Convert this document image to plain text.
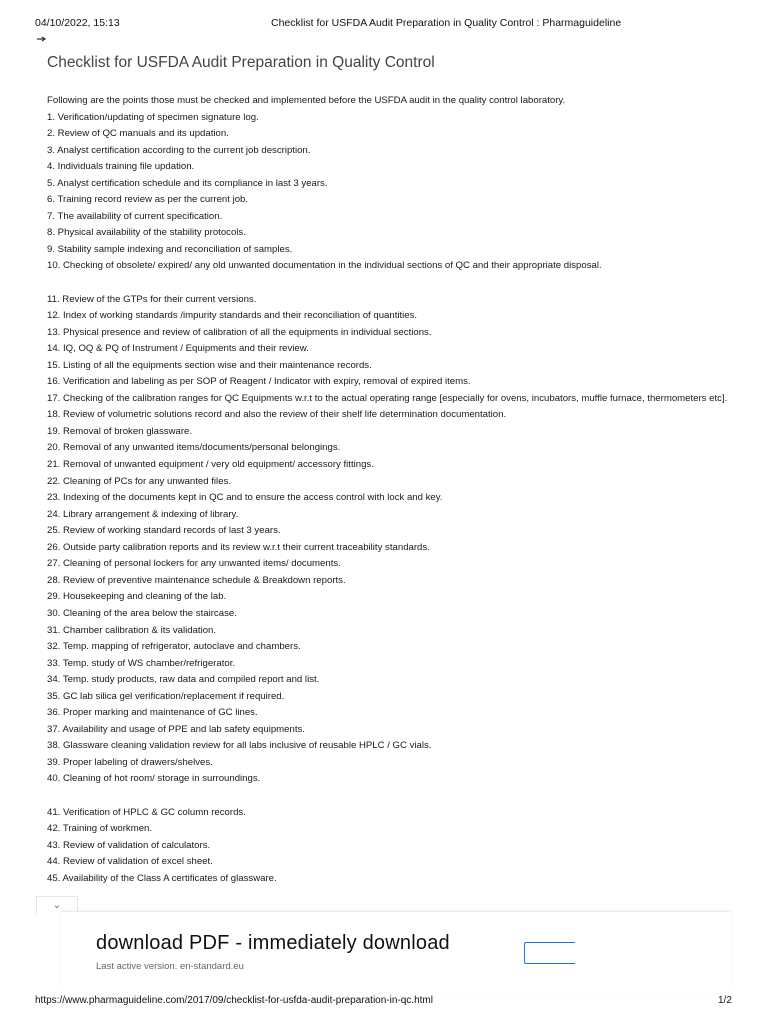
04/10/2022, 15:13	Checklist for USFDA Audit Preparation in Quality Control : Pharmaguideline
Checklist for USFDA Audit Preparation in Quality Control
Following are the points those must be checked and implemented before the USFDA audit in the quality control laboratory.
1. Verification/updating of specimen signature log.
2. Review of QC manuals and its updation.
3. Analyst certification according to the current job description.
4. Individuals training file updation.
5. Analyst certification schedule and its compliance in last 3 years.
6. Training record review as per the current job.
7. The availability of current specification.
8. Physical availability of the stability protocols.
9. Stability sample indexing and reconciliation of samples.
10. Checking of obsolete/ expired/ any old unwanted documentation in the individual sections of QC and their appropriate disposal.
11. Review of the GTPs for their current versions.
12. Index of working standards /impurity standards and their reconciliation of quantities.
13. Physical presence and review of calibration of all the equipments in individual sections.
14. IQ, OQ & PQ of Instrument / Equipments and their review.
15. Listing of all the equipments section wise and their maintenance records.
16. Verification and labeling as per SOP of Reagent / Indicator with expiry, removal of expired items.
17. Checking of the calibration ranges for QC Equipments w.r.t to the actual operating range [especially for ovens, incubators, muffle furnace, thermometers etc].
18. Review of volumetric solutions record and also the review of their shelf life determination documentation.
19. Removal of broken glassware.
20. Removal of any unwanted items/documents/personal belongings.
21. Removal of unwanted equipment / very old equipment/ accessory fittings.
22. Cleaning of PCs for any unwanted files.
23. Indexing of the documents kept in QC and to ensure the access control with lock and key.
24. Library arrangement & indexing of library.
25. Review of working standard records of last 3 years.
26. Outside party calibration reports and its review w.r.t their current traceability standards.
27. Cleaning of personal lockers for any unwanted items/ documents.
28. Review of preventive maintenance schedule & Breakdown reports.
29. Housekeeping and cleaning of the lab.
30. Cleaning of the area below the staircase.
31. Chamber calibration & its validation.
32. Temp. mapping of refrigerator, autoclave and chambers.
33. Temp. study of WS chamber/refrigerator.
34. Temp. study products, raw data and compiled report and list.
35. GC lab silica gel verification/replacement if required.
36. Proper marking and maintenance of GC lines.
37. Availability and usage of PPE and lab safety equipments.
38. Glassware cleaning validation review for all labs inclusive of reusable HPLC / GC vials.
39. Proper labeling of drawers/shelves.
40. Cleaning of hot room/ storage in surroundings.
41. Verification of HPLC & GC column records.
42. Training of workmen.
43. Review of validation of calculators.
44. Review of validation of excel sheet.
45. Availability of the Class A certificates of glassware.
⌄
download PDF - immediately download
Last active version. en-standard.eu
https://www.pharmaguideline.com/2017/09/checklist-for-usfda-audit-preparation-in-qc.html	1/2
